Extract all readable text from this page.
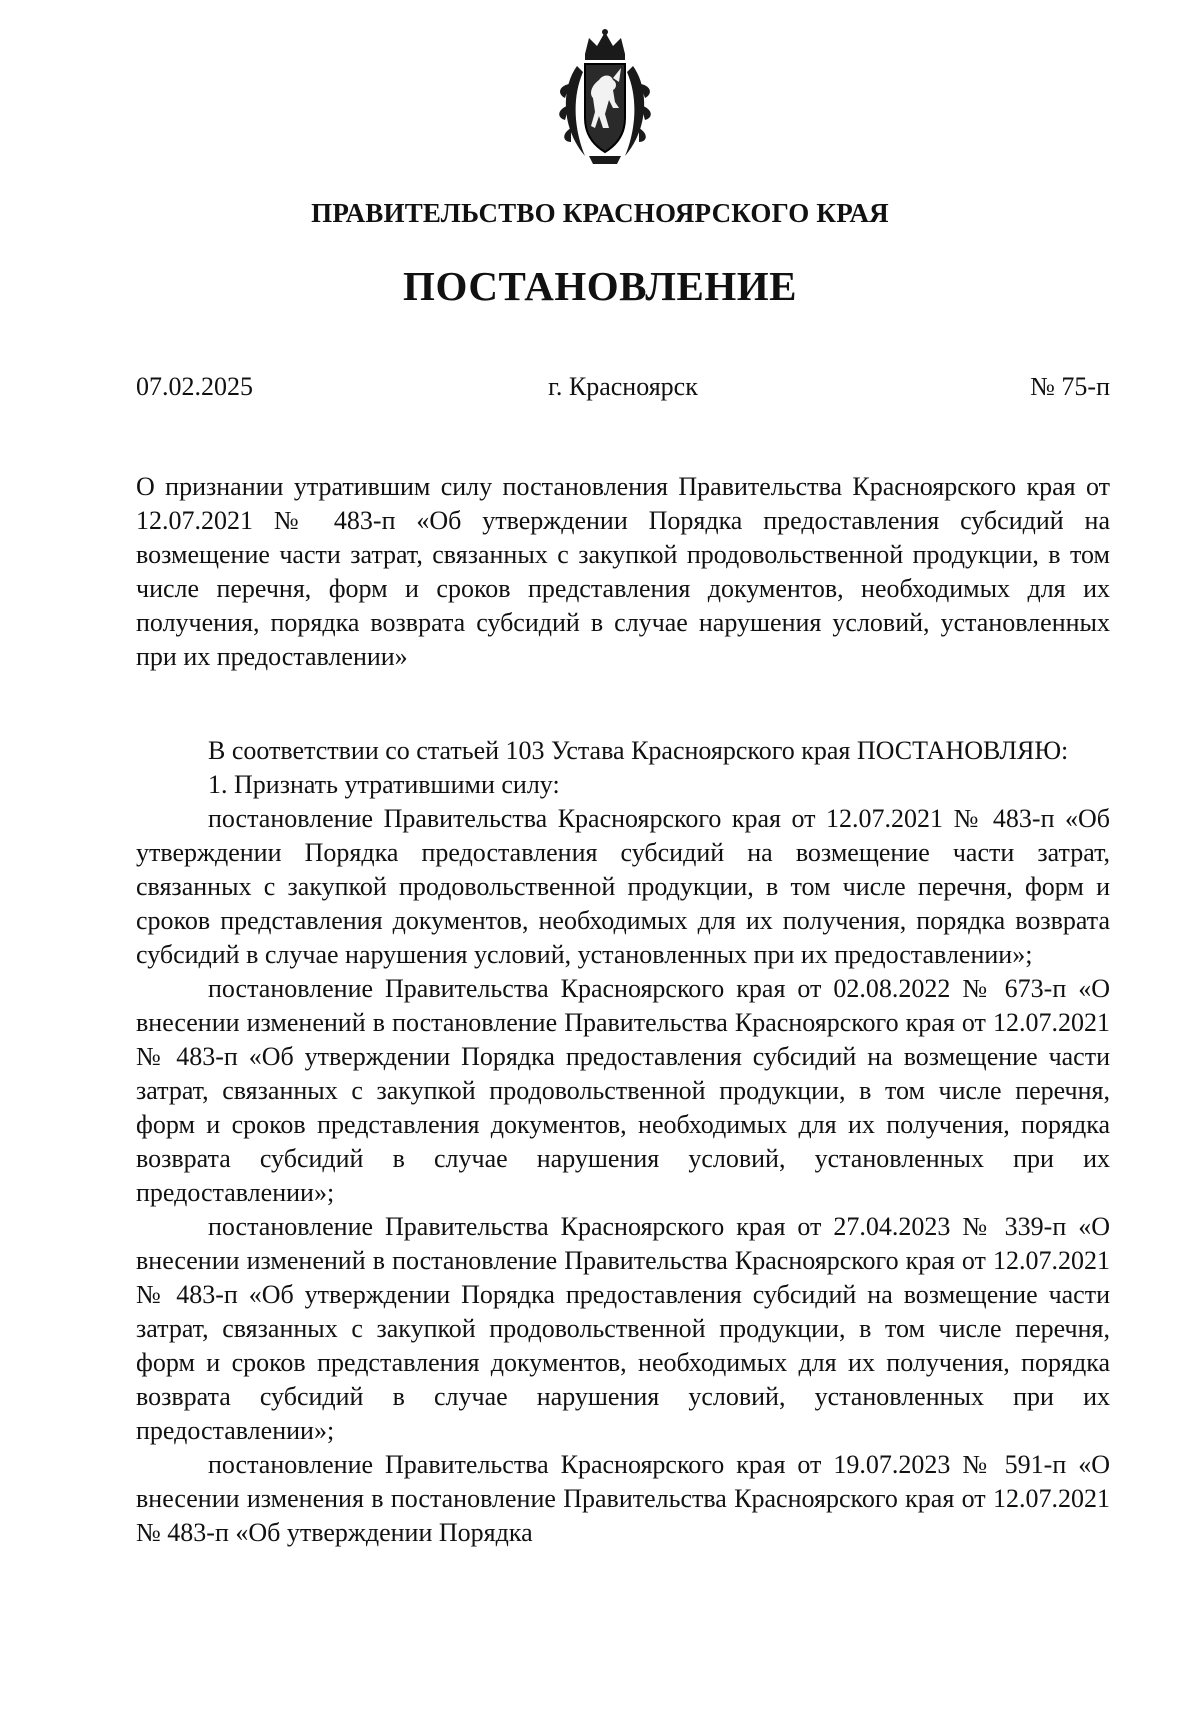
ПРАВИТЕЛЬСТВО КРАСНОЯРСКОГО КРАЯ
ПОСТАНОВЛЕНИЕ
07.02.2025	г. Красноярск	№ 75-п
О признании утратившим силу постановления Правительства Красноярского края от 12.07.2021 № 483-п «Об утверждении Порядка предоставления субсидий на возмещение части затрат, связанных с закупкой продовольственной продукции, в том числе перечня, форм и сроков представления документов, необходимых для их получения, порядка возврата субсидий в случае нарушения условий, установленных при их предоставлении»

В соответствии со статьей 103 Устава Красноярского края ПОСТАНОВЛЯЮ:

1. Признать утратившими силу:

постановление Правительства Красноярского края от 12.07.2021 № 483-п «Об утверждении Порядка предоставления субсидий на возмещение части затрат, связанных с закупкой продовольственной продукции, в том числе перечня, форм и сроков представления документов, необходимых для их получения, порядка возврата субсидий в случае нарушения условий, установленных при их предоставлении»;

постановление Правительства Красноярского края от 02.08.2022 № 673-п «О внесении изменений в постановление Правительства Красноярского края от 12.07.2021 № 483-п «Об утверждении Порядка предоставления субсидий на возмещение части затрат, связанных с закупкой продовольственной продукции, в том числе перечня, форм и сроков представления документов, необходимых для их получения, порядка возврата субсидий в случае нарушения условий, установленных при их предоставлении»;

постановление Правительства Красноярского края от 27.04.2023 № 339-п «О внесении изменений в постановление Правительства Красноярского края от 12.07.2021 № 483-п «Об утверждении Порядка предоставления субсидий на возмещение части затрат, связанных с закупкой продовольственной продукции, в том числе перечня, форм и сроков представления документов, необходимых для их получения, порядка возврата субсидий в случае нарушения условий, установленных при их предоставлении»;

постановление Правительства Красноярского края от 19.07.2023 № 591-п «О внесении изменения в постановление Правительства Красноярского края от 12.07.2021 № 483-п «Об утверждении Порядка
